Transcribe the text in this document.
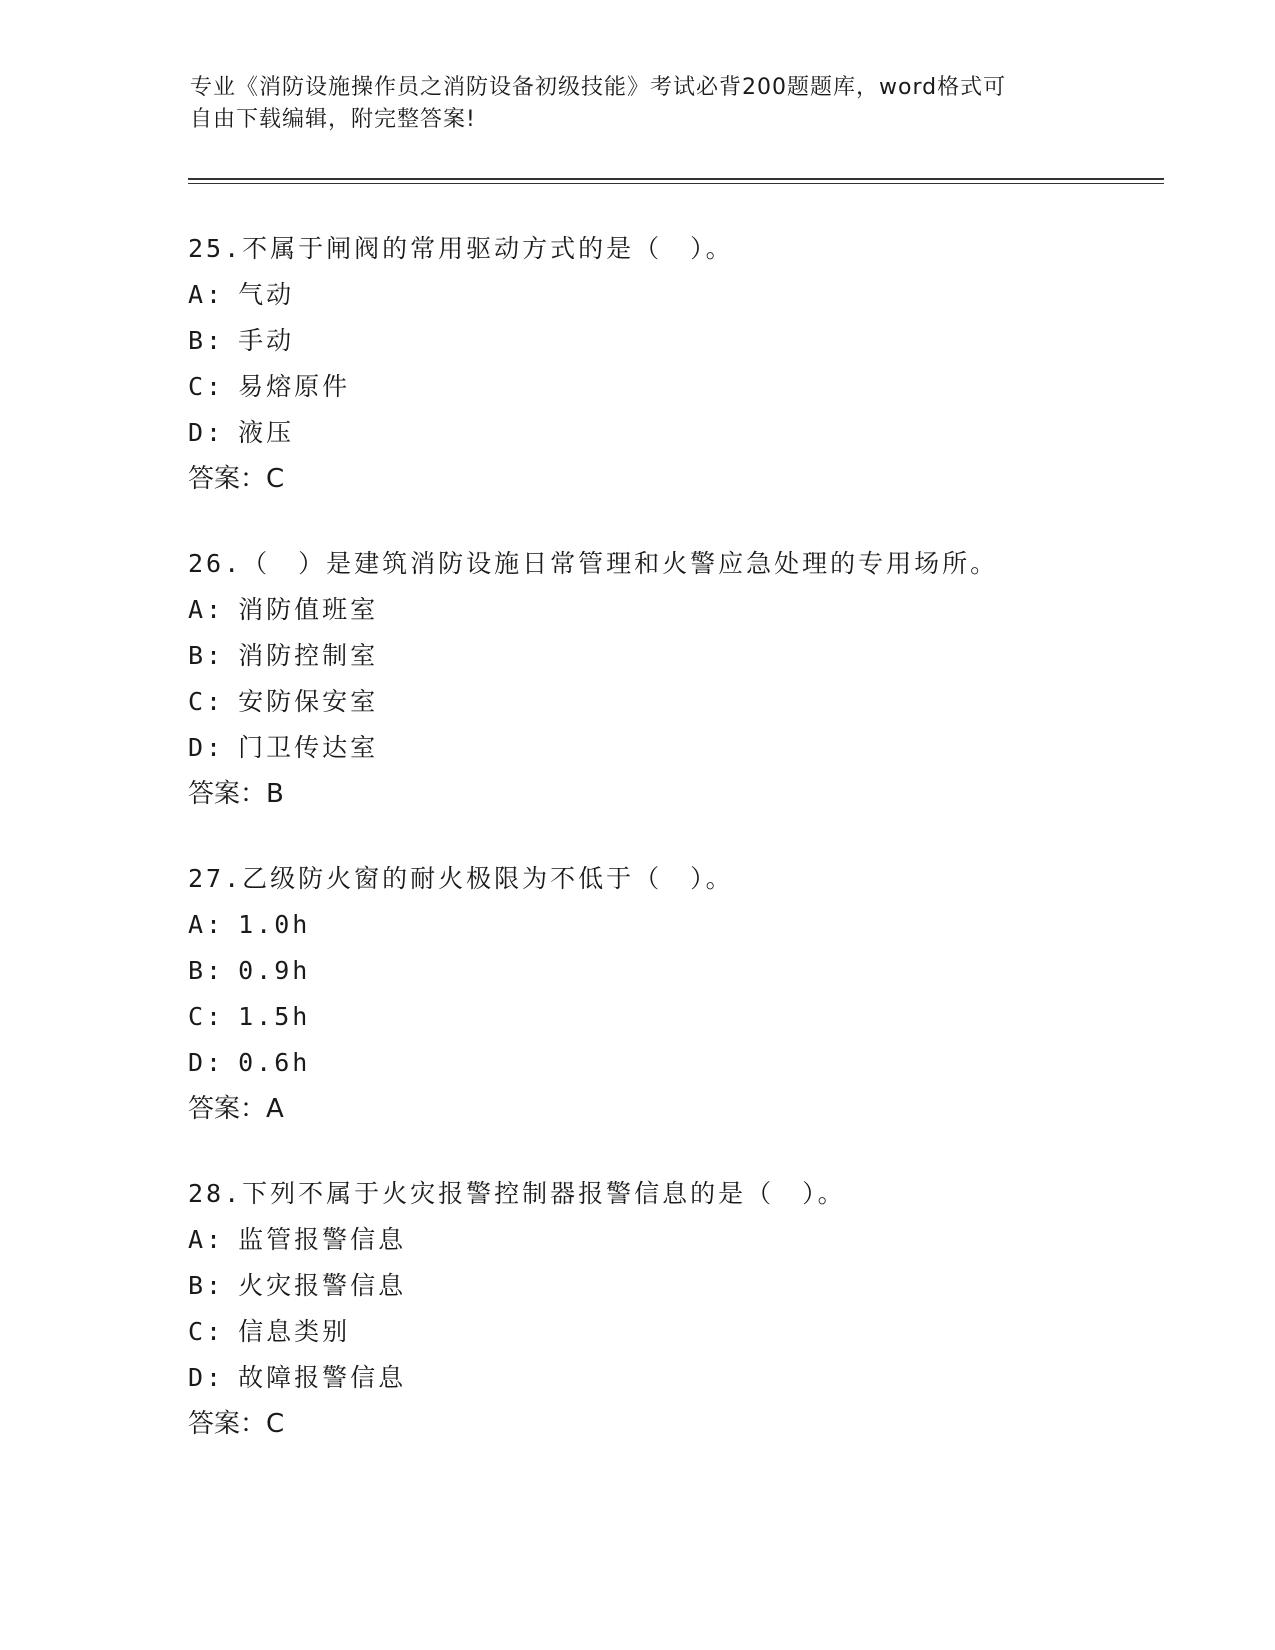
专业《消防设施操作员之消防设备初级技能》考试必背200题题库，word格式可
自由下载编辑，附完整答案!
25.不属于闸阀的常用驱动方式的是（　）。
A: 气动
B: 手动
C: 易熔原件
D: 液压
答案：C
26.（　）是建筑消防设施日常管理和火警应急处理的专用场所。
A: 消防值班室
B: 消防控制室
C: 安防保安室
D: 门卫传达室
答案：B
27.乙级防火窗的耐火极限为不低于（　）。
A: 1.0h
B: 0.9h
C: 1.5h
D: 0.6h
答案：A
28.下列不属于火灾报警控制器报警信息的是（　）。
A: 监管报警信息
B: 火灾报警信息
C: 信息类别
D: 故障报警信息
答案：C
